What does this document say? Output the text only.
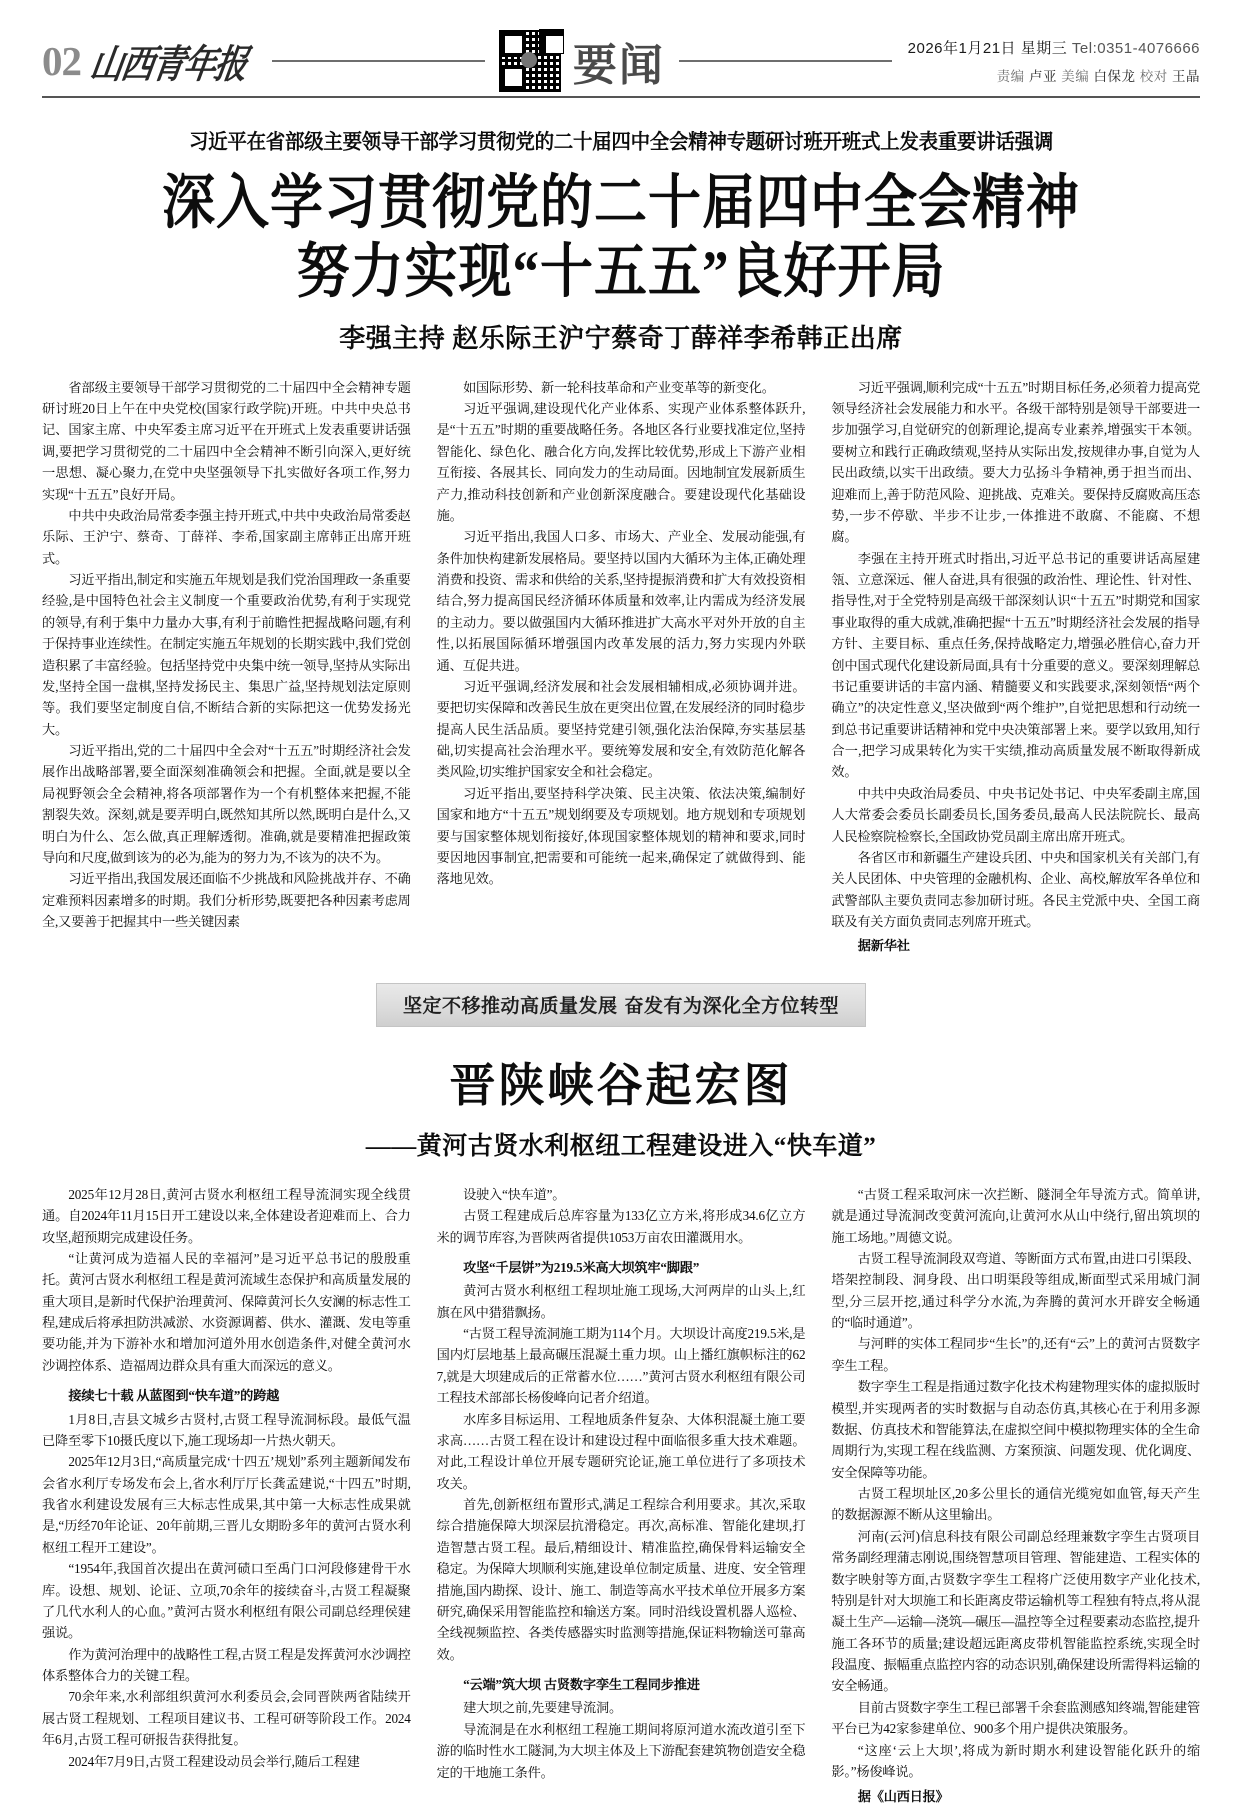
02 山西青年报	要闻	2026年1月21日 星期三 Tel:0351-4076666
责编 卢亚 美编 白保龙 校对 王晶
习近平在省部级主要领导干部学习贯彻党的二十届四中全会精神专题研讨班开班式上发表重要讲话强调
深入学习贯彻党的二十届四中全会精神
努力实现“十五五”良好开局
李强主持 赵乐际王沪宁蔡奇丁薛祥李希韩正出席

省部级主要领导干部学习贯彻党的二十届四中全会精神专题研讨班20日上午在中央党校(国家行政学院)开班。中共中央总书记、国家主席、中央军委主席习近平在开班式上发表重要讲话强调,要把学习贯彻党的二十届四中全会精神不断引向深入,更好统一思想、凝心聚力,在党中央坚强领导下扎实做好各项工作,努力实现“十五五”良好开局。

中共中央政治局常委李强主持开班式,中共中央政治局常委赵乐际、王沪宁、蔡奇、丁薛祥、李希,国家副主席韩正出席开班式。

习近平指出,制定和实施五年规划是我们党治国理政一条重要经验,是中国特色社会主义制度一个重要政治优势,有利于实现党的领导,有利于集中力量办大事,有利于前瞻性把握战略问题,有利于保持事业连续性。在制定实施五年规划的长期实践中,我们党创造积累了丰富经验。包括坚持党中央集中统一领导,坚持从实际出发,坚持全国一盘棋,坚持发扬民主、集思广益,坚持规划法定原则等。我们要坚定制度自信,不断结合新的实际把这一优势发扬光大。

习近平指出,党的二十届四中全会对“十五五”时期经济社会发展作出战略部署,要全面深刻准确领会和把握。全面,就是要以全局视野领会全会精神,将各项部署作为一个有机整体来把握,不能割裂失效。深刻,就是要弄明白,既然知其所以然,既明白是什么,又明白为什么、怎么做,真正理解透彻。准确,就是要精准把握政策导向和尺度,做到该为的必为,能为的努力为,不该为的决不为。

习近平指出,我国发展还面临不少挑战和风险挑战并存、不确定难预料因素增多的时期。我们分析形势,既要把各种因素考虑周全,又要善于把握其中一些关键因素

如国际形势、新一轮科技革命和产业变革等的新变化。

习近平强调,建设现代化产业体系、实现产业体系整体跃升,是“十五五”时期的重要战略任务。各地区各行业要找准定位,坚持智能化、绿色化、融合化方向,发挥比较优势,形成上下游产业相互衔接、各展其长、同向发力的生动局面。因地制宜发展新质生产力,推动科技创新和产业创新深度融合。要建设现代化基础设施。

习近平指出,我国人口多、市场大、产业全、发展动能强,有条件加快构建新发展格局。要坚持以国内大循环为主体,正确处理消费和投资、需求和供给的关系,坚持提振消费和扩大有效投资相结合,努力提高国民经济循环体质量和效率,让内需成为经济发展的主动力。要以做强国内大循环推进扩大高水平对外开放的自主性,以拓展国际循环增强国内改革发展的活力,努力实现内外联通、互促共进。

习近平强调,经济发展和社会发展相辅相成,必须协调并进。要把切实保障和改善民生放在更突出位置,在发展经济的同时稳步提高人民生活品质。要坚持党建引领,强化法治保障,夯实基层基础,切实提高社会治理水平。要统筹发展和安全,有效防范化解各类风险,切实维护国家安全和社会稳定。

习近平指出,要坚持科学决策、民主决策、依法决策,编制好国家和地方“十五五”规划纲要及专项规划。地方规划和专项规划要与国家整体规划衔接好,体现国家整体规划的精神和要求,同时要因地因事制宜,把需要和可能统一起来,确保定了就做得到、能落地见效。

习近平强调,顺利完成“十五五”时期目标任务,必须着力提高党领导经济社会发展能力和水平。各级干部特别是领导干部要进一步加强学习,自觉研究的创新理论,提高专业素养,增强实干本领。要树立和践行正确政绩观,坚持从实际出发,按规律办事,自觉为人民出政绩,以实干出政绩。要大力弘扬斗争精神,勇于担当而出、迎难而上,善于防范风险、迎挑战、克难关。要保持反腐败高压态势,一步不停歇、半步不让步,一体推进不敢腐、不能腐、不想腐。

李强在主持开班式时指出,习近平总书记的重要讲话高屋建瓴、立意深远、催人奋进,具有很强的政治性、理论性、针对性、指导性,对于全党特别是高级干部深刻认识“十五五”时期党和国家事业取得的重大成就,准确把握“十五五”时期经济社会发展的指导方针、主要目标、重点任务,保持战略定力,增强必胜信心,奋力开创中国式现代化建设新局面,具有十分重要的意义。要深刻理解总书记重要讲话的丰富内涵、精髓要义和实践要求,深刻领悟“两个确立”的决定性意义,坚决做到“两个维护”,自觉把思想和行动统一到总书记重要讲话精神和党中央决策部署上来。要学以致用,知行合一,把学习成果转化为实干实绩,推动高质量发展不断取得新成效。

中共中央政治局委员、中央书记处书记、中央军委副主席,国人大常委会委员长副委员长,国务委员,最高人民法院院长、最高人民检察院检察长,全国政协党员副主席出席开班式。

各省区市和新疆生产建设兵团、中央和国家机关有关部门,有关人民团体、中央管理的金融机构、企业、高校,解放军各单位和武警部队主要负责同志参加研讨班。各民主党派中央、全国工商联及有关方面负责同志列席开班式。

据新华社

坚定不移推动高质量发展 奋发有为深化全方位转型
晋陕峡谷起宏图
——黄河古贤水利枢纽工程建设进入“快车道”

2025年12月28日,黄河古贤水利枢纽工程导流洞实现全线贯通。自2024年11月15日开工建设以来,全体建设者迎难而上、合力攻坚,超预期完成建设任务。

“让黄河成为造福人民的幸福河”是习近平总书记的殷殷重托。黄河古贤水利枢纽工程是黄河流域生态保护和高质量发展的重大项目,是新时代保护治理黄河、保障黄河长久安澜的标志性工程,建成后将承担防洪减淤、水资源调蓄、供水、灌溉、发电等重要功能,并为下游补水和增加河道外用水创造条件,对健全黄河水沙调控体系、造福周边群众具有重大而深远的意义。

接续七十载 从蓝图到“快车道”的跨越

1月8日,吉县文城乡古贤村,古贤工程导流洞标段。最低气温已降至零下10摄氏度以下,施工现场却一片热火朝天。

2025年12月3日,“高质量完成‘十四五’规划”系列主题新闻发布会省水利厅专场发布会上,省水利厅厅长龚孟建说,“十四五”时期,我省水利建设发展有三大标志性成果,其中第一大标志性成果就是,“历经70年论证、20年前期,三晋儿女期盼多年的黄河古贤水利枢纽工程开工建设”。

“1954年,我国首次提出在黄河碛口至禹门口河段修建骨干水库。设想、规划、论证、立项,70余年的接续奋斗,古贤工程凝聚了几代水利人的心血。”黄河古贤水利枢纽有限公司副总经理侯建强说。

作为黄河治理中的战略性工程,古贤工程是发挥黄河水沙调控体系整体合力的关键工程。

70余年来,水利部组织黄河水利委员会,会同晋陕两省陆续开展古贤工程规划、工程项目建议书、工程可研等阶段工作。2024年6月,古贤工程可研报告获得批复。

2024年7月9日,古贤工程建设动员会举行,随后工程建

设驶入“快车道”。

古贤工程建成后总库容量为133亿立方米,将形成34.6亿立方米的调节库容,为晋陕两省提供1053万亩农田灌溉用水。

攻坚“千层饼”为219.5米高大坝筑牢“脚跟”

黄河古贤水利枢纽工程坝址施工现场,大河两岸的山头上,红旗在风中猎猎飘扬。

“古贤工程导流洞施工期为114个月。大坝设计高度219.5米,是国内灯层地基上最高碾压混凝土重力坝。山上播红旗帜标注的627,就是大坝建成后的正常蓄水位……”黄河古贤水利枢纽有限公司工程技术部部长杨俊峰向记者介绍道。

水库多目标运用、工程地质条件复杂、大体积混凝土施工要求高……古贤工程在设计和建设过程中面临很多重大技术难题。对此,工程设计单位开展专题研究论证,施工单位进行了多项技术攻关。

首先,创新枢纽布置形式,满足工程综合利用要求。其次,采取综合措施保障大坝深层抗滑稳定。再次,高标准、智能化建坝,打造智慧古贤工程。最后,精细设计、精准监控,确保骨料运输安全稳定。为保障大坝顺利实施,建设单位制定质量、进度、安全管理措施,国内勘探、设计、施工、制造等高水平技术单位开展多方案研究,确保采用智能监控和输送方案。同时沿线设置机器人巡检、全线视频监控、各类传感器实时监测等措施,保证料物输送可靠高效。

“云端”筑大坝 古贤数字孪生工程同步推进

建大坝之前,先要建导流洞。

导流洞是在水利枢纽工程施工期间将原河道水流改道引至下游的临时性水工隧洞,为大坝主体及上下游配套建筑物创造安全稳定的干地施工条件。

“古贤工程采取河床一次拦断、隧洞全年导流方式。简单讲,就是通过导流洞改变黄河流向,让黄河水从山中绕行,留出筑坝的施工场地。”周德文说。

古贤工程导流洞段双弯道、等断面方式布置,由进口引渠段、塔架控制段、洞身段、出口明渠段等组成,断面型式采用城门洞型,分三层开挖,通过科学分水流,为奔腾的黄河水开辟安全畅通的“临时通道”。

与河畔的实体工程同步“生长”的,还有“云”上的黄河古贤数字孪生工程。

数字孪生工程是指通过数字化技术构建物理实体的虚拟版时模型,并实现两者的实时数据与自动态仿真,其核心在于利用多源数据、仿真技术和智能算法,在虚拟空间中模拟物理实体的全生命周期行为,实现工程在线监测、方案预演、问题发现、优化调度、安全保障等功能。

古贤工程坝址区,20多公里长的通信光缆宛如血管,每天产生的数据源源不断从这里输出。

河南(云河)信息科技有限公司副总经理兼数字孪生古贤项目常务副经理蒲志刚说,围绕智慧项目管理、智能建造、工程实体的数字映射等方面,古贤数字孪生工程将广泛使用数字产业化技术,特别是针对大坝施工和长距离皮带运输机等工程独有特点,将从混凝土生产—运输—浇筑—碾压—温控等全过程要素动态监控,提升施工各环节的质量;建设超远距离皮带机智能监控系统,实现全时段温度、振幅重点监控内容的动态识别,确保建设所需得料运输的安全畅通。

目前古贤数字孪生工程已部署千余套监测感知终端,智能建管平台已为42家参建单位、900多个用户提供决策服务。

“这座‘云上大坝’,将成为新时期水利建设智能化跃升的缩影。”杨俊峰说。

据《山西日报》
